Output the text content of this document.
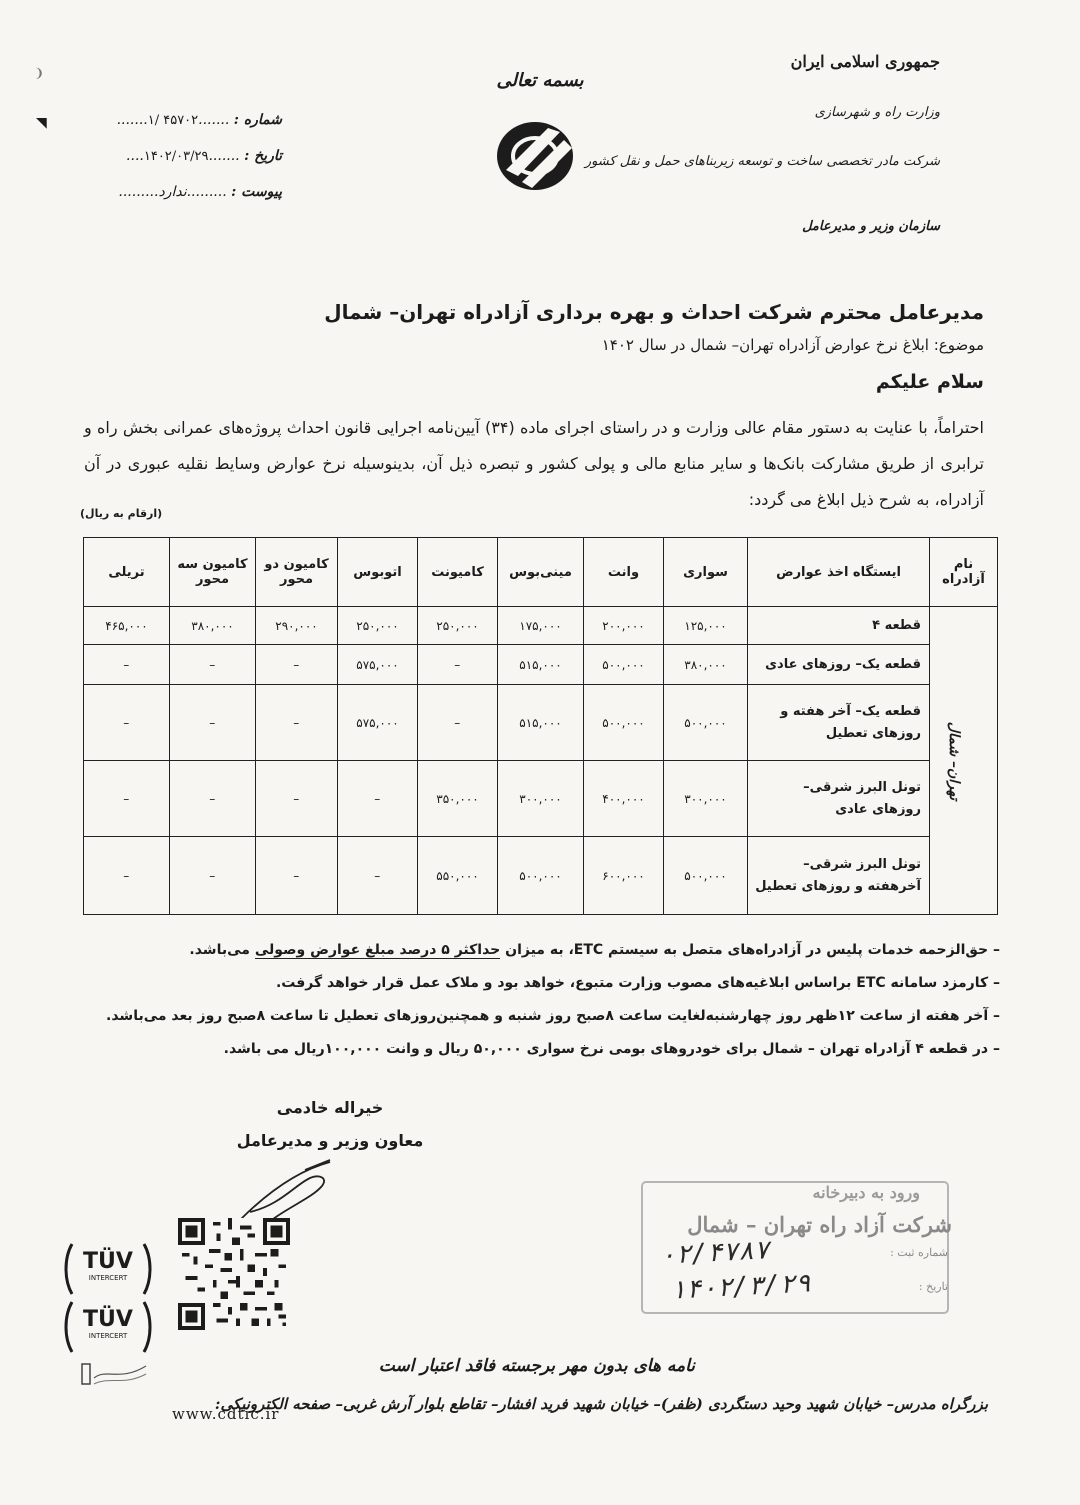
❩
◥
جمهوری اسلامی ایران
وزارت راه و شهرسازی
شرکت مادر تخصصی ساخت و توسعه زیربناهای حمل و نقل کشور
سازمان وزیر و مدیرعامل
بسمه تعالی
شماره : .......۱/ ۴۵۷۰۲.......
تاریخ : .......۱۴۰۲/۰۳/۲۹....
پیوست : .........ندارد.........
مدیرعامل محترم شرکت احداث و بهره برداری آزادراه تهران– شمال
موضوع: ابلاغ نرخ عوارض آزادراه تهران– شمال در سال ۱۴۰۲
سلام علیکم
احتراماً، با عنایت به دستور مقام عالی وزارت و در راستای اجرای ماده (۳۴) آیین‌نامه اجرایی قانون احداث پروژه‌های عمرانی بخش راه و ترابری از طریق مشارکت بانک‌ها و سایر منابع مالی و پولی کشور و تبصره ذیل آن، بدینوسیله نرخ عوارض وسایط نقلیه عبوری در آن آزادراه، به شرح ذیل ابلاغ می گردد:
(ارقام به ریال)
نام آزادراه	ایستگاه اخذ عوارض	سواری	وانت	مینی‌بوس	کامیونت	اتوبوس	کامیون دو محور	کامیون سه محور	تریلی
تهران– شمال	قطعه ۴	۱۲۵,۰۰۰	۲۰۰,۰۰۰	۱۷۵,۰۰۰	۲۵۰,۰۰۰	۲۵۰,۰۰۰	۲۹۰,۰۰۰	۳۸۰,۰۰۰	۴۶۵,۰۰۰
	قطعه یک– روزهای عادی	۳۸۰,۰۰۰	۵۰۰,۰۰۰	۵۱۵,۰۰۰	–	۵۷۵,۰۰۰	–	–	–
	قطعه یک– آخر هفته و روزهای تعطیل	۵۰۰,۰۰۰	۵۰۰,۰۰۰	۵۱۵,۰۰۰	–	۵۷۵,۰۰۰	–	–	–
	تونل البرز شرقی– روزهای عادی	۳۰۰,۰۰۰	۴۰۰,۰۰۰	۳۰۰,۰۰۰	۳۵۰,۰۰۰	–	–	–	–
	تونل البرز شرقی– آخرهفته و روزهای تعطیل	۵۰۰,۰۰۰	۶۰۰,۰۰۰	۵۰۰,۰۰۰	۵۵۰,۰۰۰	–	–	–	–
– حق‌الزحمه خدمات پلیس در آزادراه‌های متصل به سیستم ETC، به میزان حداکثر ۵ درصد مبلغ عوارض وصولی می‌باشد.
– کارمزد سامانه ETC براساس ابلاغیه‌های مصوب وزارت متبوع، خواهد بود و ملاک عمل قرار خواهد گرفت.
– آخر هفته از ساعت ۱۲ظهر روز چهارشنبه‌لغایت ساعت ۸صبح روز شنبه و همچنین‌روزهای تعطیل تا ساعت ۸صبح روز بعد می‌باشد.
– در قطعه ۴ آزادراه تهران – شمال برای خودروهای بومی نرخ سواری ۵۰,۰۰۰ ریال و وانت ۱۰۰,۰۰۰ریال می باشد.
خیراله خادمی
معاون وزیر و مدیرعامل
TÜV
INTERCERT
TÜV
INTERCERT
ورود به دبیرخانه
شرکت آزاد راه تهران – شمال
شماره ثبت :
تاریخ :
۰۲/۴۷۸۷
۱۴۰۲/۳/۲۹
نامه های بدون مهر برجسته فاقد اعتبار است
بزرگراه مدرس– خیابان شهید وحید دستگردی (ظفر)– خیابان شهید فرید افشار– تقاطع بلوار آرش غربی– صفحه الکترونیکی:
www.cdtic.ir
